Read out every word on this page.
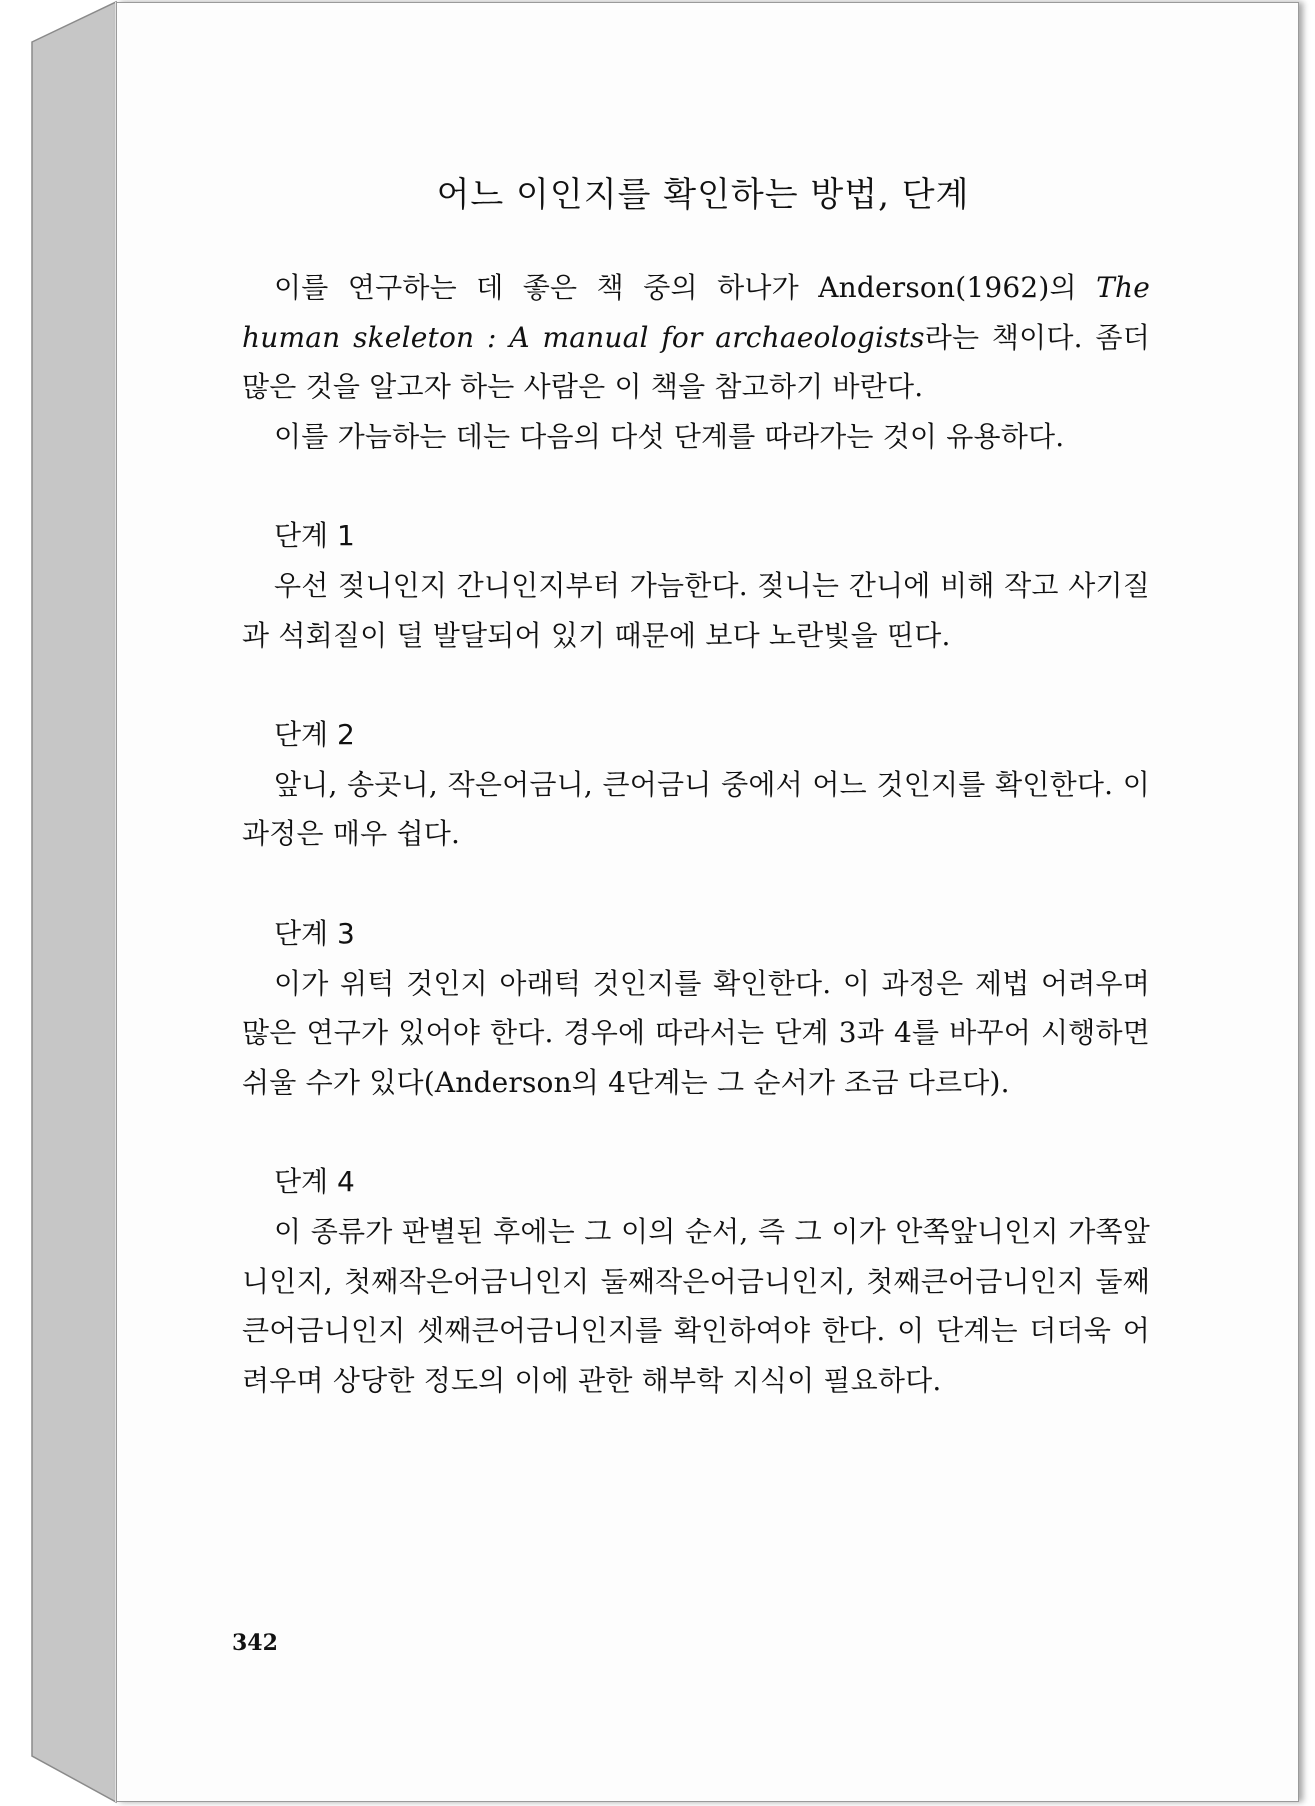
어느 이인지를 확인하는 방법, 단계

이를 연구하는 데 좋은 책 중의 하나가 Anderson(1962)의 The human skeleton : A manual for archaeologists라는 책이다. 좀더 많은 것을 알고자 하는 사람은 이 책을 참고하기 바란다.

이를 가늠하는 데는 다음의 다섯 단계를 따라가는 것이 유용하다.

단계 1

우선 젖니인지 간니인지부터 가늠한다. 젖니는 간니에 비해 작고 사기질과 석회질이 덜 발달되어 있기 때문에 보다 노란빛을 띤다.

단계 2

앞니, 송곳니, 작은어금니, 큰어금니 중에서 어느 것인지를 확인한다. 이 과정은 매우 쉽다.

단계 3

이가 위턱 것인지 아래턱 것인지를 확인한다. 이 과정은 제법 어려우며 많은 연구가 있어야 한다. 경우에 따라서는 단계 3과 4를 바꾸어 시행하면 쉬울 수가 있다(Anderson의 4단계는 그 순서가 조금 다르다).

단계 4

이 종류가 판별된 후에는 그 이의 순서, 즉 그 이가 안쪽앞니인지 가쪽앞니인지, 첫째작은어금니인지 둘째작은어금니인지, 첫째큰어금니인지 둘째큰어금니인지 셋째큰어금니인지를 확인하여야 한다. 이 단계는 더더욱 어려우며 상당한 정도의 이에 관한 해부학 지식이 필요하다.

342
